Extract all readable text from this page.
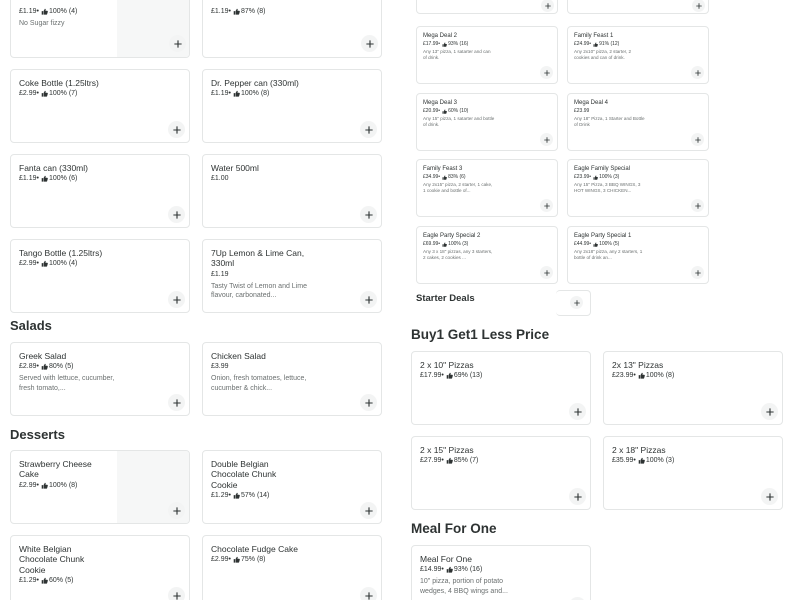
£1.19 • 100% (4)
No Sugar fizzy
£1.19 • 87% (8)
Coke Bottle (1.25ltrs)
£2.99 • 100% (7)
Dr. Pepper can (330ml)
£1.19 • 100% (8)
Fanta can (330ml)
£1.19 • 100% (6)
Water 500ml
£1.00
Tango Bottle (1.25ltrs)
£2.99 • 100% (4)
7Up Lemon & Lime Can, 330ml
£1.19
Tasty Twist of Lemon and Lime flavour, carbonated...
Salads
Greek Salad
£2.89 • 80% (5)
Served with lettuce, cucumber, fresh tomato,...
Chicken Salad
£3.99
Onion, fresh tomatoes, lettuce, cucumber & chick...
Desserts
Strawberry Cheese Cake
£2.99 • 100% (8)
Double Belgian Chocolate Chunk Cookie
£1.29 • 57% (14)
White Belgian Chocolate Chunk Cookie
£1.29 • 60% (5)
Chocolate Fudge Cake
£2.99 • 75% (8)
Mega Deal 2
£17.99 • 93% (16)
Any 13" pizza, 1 satarter and can of drink.
Family Feast 1
£24.99 • 91% (12)
Any 2x10" pizza, 2 starter, 2 cookies and can of drink.
Mega Deal 3
£20.99 • 60% (10)
Any 15" pizza, 1 satarter and bottle of drink.
Mega Deal 4
£23.99
Any 18" Pizza, 1 Starter and Bottle of Drink
Family Feast 3
£34.99 • 83% (6)
Any 2x15" pizza, 2 starter, 1 cake, 1 cookie and bottle of...
Eagle Family Special
£23.99 • 100% (3)
Any 15" Pizza, 3 BBQ WINGS, 3 HOT WINGS, 3 CHICKEN...
Eagle Party Special 2
£69.99 • 100% (3)
Any 3 x 18" pizzas, any 3 starters, 2 cakes, 2 cookies ...
Eagle Party Special 1
£44.99 • 100% (5)
Any 2x18" pizza, any 2 starters, 1 bottle of drink an...
Starter Deals
Buy1 Get1 Less Price
2 x 10" Pizzas
£17.99 • 69% (13)
2x 13" Pizzas
£23.99 • 100% (8)
2 x 15" Pizzas
£27.99 • 85% (7)
2 x 18" Pizzas
£35.99 • 100% (3)
Meal For One
Meal For One
£14.99 • 93% (16)
10" pizza, portion of potato wedges, 4 BBQ wings and...
